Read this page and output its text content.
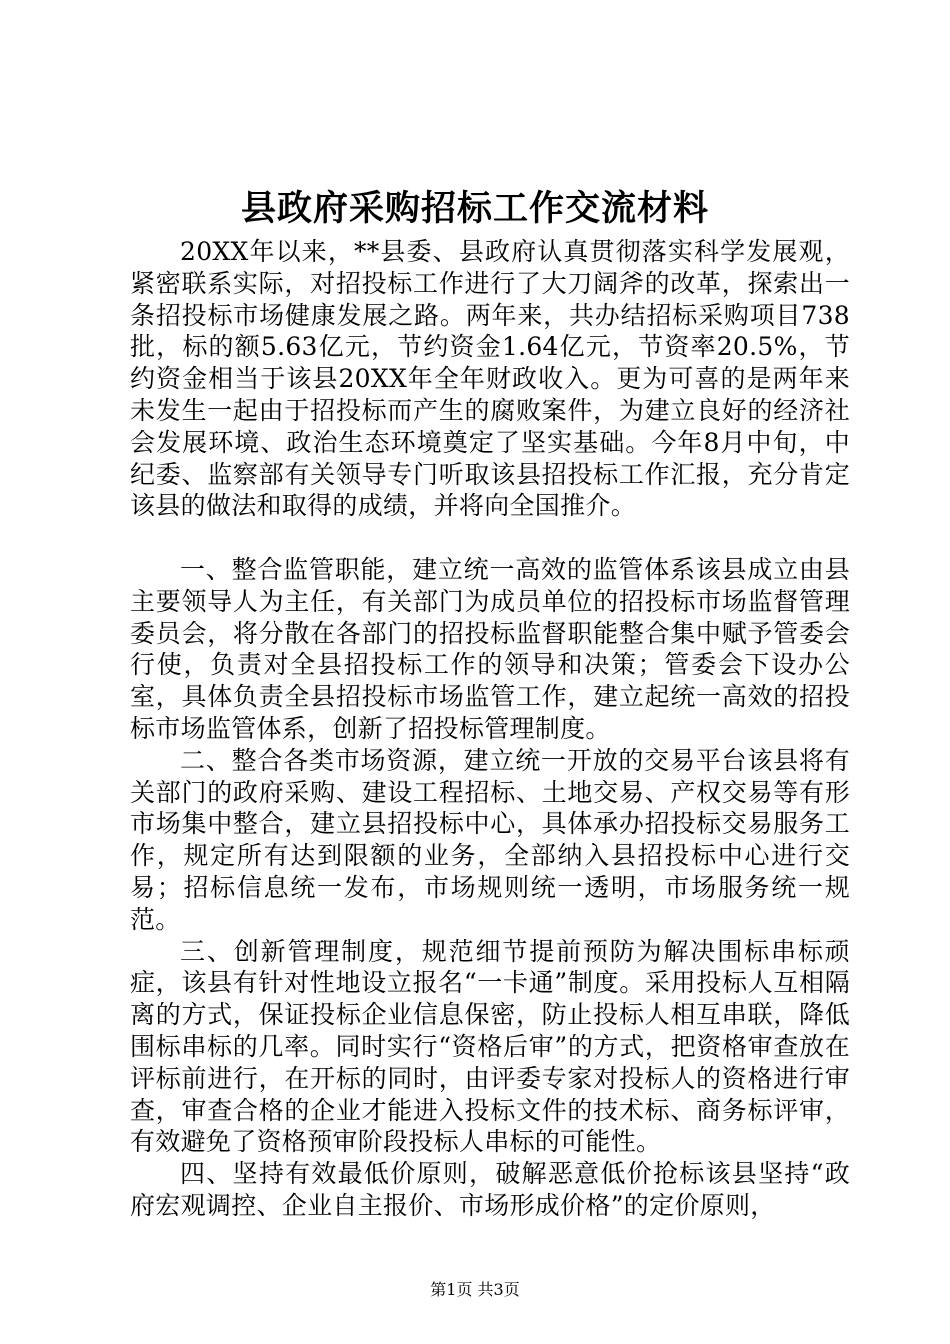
县政府采购招标工作交流材料

20XX年以来，**县委、县政府认真贯彻落实科学发展观，紧密联系实际，对招投标工作进行了大刀阔斧的改革，探索出一条招投标市场健康发展之路。两年来，共办结招标采购项目738批，标的额5.63亿元，节约资金1.64亿元，节资率20.5%，节约资金相当于该县20XX年全年财政收入。更为可喜的是两年来未发生一起由于招投标而产生的腐败案件，为建立良好的经济社会发展环境、政治生态环境奠定了坚实基础。今年8月中旬，中纪委、监察部有关领导专门听取该县招投标工作汇报，充分肯定该县的做法和取得的成绩，并将向全国推介。

一、整合监管职能，建立统一高效的监管体系该县成立由县主要领导人为主任，有关部门为成员单位的招投标市场监督管理委员会，将分散在各部门的招投标监督职能整合集中赋予管委会行使，负责对全县招投标工作的领导和决策；管委会下设办公室，具体负责全县招投标市场监管工作，建立起统一高效的招投标市场监管体系，创新了招投标管理制度。

二、整合各类市场资源，建立统一开放的交易平台该县将有关部门的政府采购、建设工程招标、土地交易、产权交易等有形市场集中整合，建立县招投标中心，具体承办招投标交易服务工作，规定所有达到限额的业务，全部纳入县招投标中心进行交易；招标信息统一发布，市场规则统一透明，市场服务统一规范。

三、创新管理制度，规范细节提前预防为解决围标串标顽症，该县有针对性地设立报名“一卡通”制度。采用投标人互相隔离的方式，保证投标企业信息保密，防止投标人相互串联，降低围标串标的几率。同时实行“资格后审”的方式，把资格审查放在评标前进行，在开标的同时，由评委专家对投标人的资格进行审查，审查合格的企业才能进入投标文件的技术标、商务标评审，有效避免了资格预审阶段投标人串标的可能性。

四、坚持有效最低价原则，破解恶意低价抢标该县坚持“政府宏观调控、企业自主报价、市场形成价格”的定价原则，

第1页 共3页
